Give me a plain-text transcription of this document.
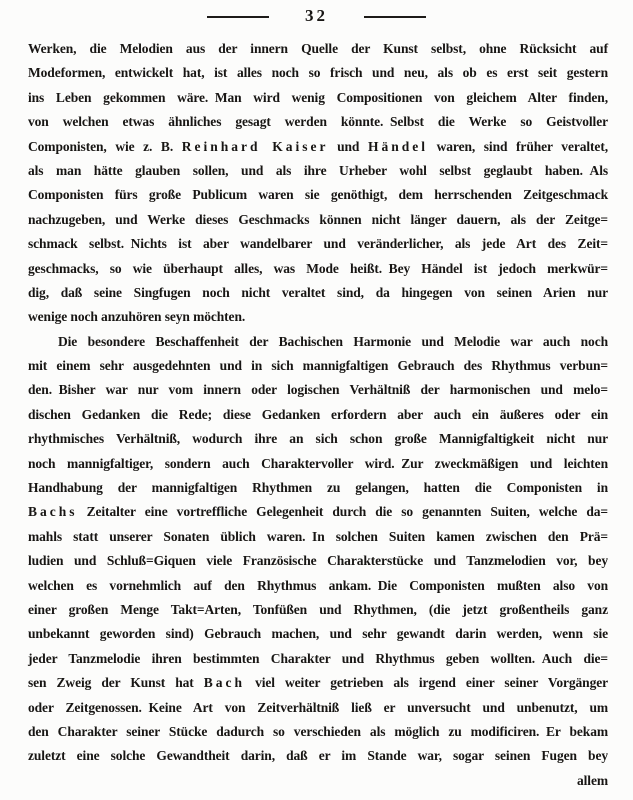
32
Werken, die Melodien aus der innern Quelle der Kunst selbst, ohne Rücksicht auf
Modeformen, entwickelt hat, ist alles noch so frisch und neu, als ob es erst seit gestern
ins Leben gekommen wäre. Man wird wenig Compositionen von gleichem Alter finden,
von welchen etwas ähnliches gesagt werden könnte. Selbst die Werke so Geistvoller
Componisten, wie z. B. Reinhard Kaiser und Händel waren, sind früher veraltet,
als man hätte glauben sollen, und als ihre Urheber wohl selbst geglaubt haben. Als
Componisten fürs große Publicum waren sie genöthigt, dem herrschenden Zeitgeschmack
nachzugeben, und Werke dieses Geschmacks können nicht länger dauern, als der Zeitge=
schmack selbst. Nichts ist aber wandelbarer und veränderlicher, als jede Art des Zeit=
geschmacks, so wie überhaupt alles, was Mode heißt. Bey Händel ist jedoch merkwür=
dig, daß seine Singfugen noch nicht veraltet sind, da hingegen von seinen Arien nur
wenige noch anzuhören seyn möchten.
Die besondere Beschaffenheit der Bachischen Harmonie und Melodie war auch noch
mit einem sehr ausgedehnten und in sich mannigfaltigen Gebrauch des Rhythmus verbun=
den. Bisher war nur vom innern oder logischen Verhältniß der harmonischen und melo=
dischen Gedanken die Rede; diese Gedanken erfordern aber auch ein äußeres oder ein
rhythmisches Verhältniß, wodurch ihre an sich schon große Mannigfaltigkeit nicht nur
noch mannigfaltiger, sondern auch Charaktervoller wird. Zur zweckmäßigen und leichten
Handhabung der mannigfaltigen Rhythmen zu gelangen, hatten die Componisten in
Bachs Zeitalter eine vortreffliche Gelegenheit durch die so genannten Suiten, welche da=
mahls statt unserer Sonaten üblich waren. In solchen Suiten kamen zwischen den Prä=
ludien und Schluß=Giquen viele Französische Charakterstücke und Tanzmelodien vor, bey
welchen es vornehmlich auf den Rhythmus ankam. Die Componisten mußten also von
einer großen Menge Takt=Arten, Tonfüßen und Rhythmen, (die jetzt großentheils ganz
unbekannt geworden sind) Gebrauch machen, und sehr gewandt darin werden, wenn sie
jeder Tanzmelodie ihren bestimmten Charakter und Rhythmus geben wollten. Auch die=
sen Zweig der Kunst hat Bach viel weiter getrieben als irgend einer seiner Vorgänger
oder Zeitgenossen. Keine Art von Zeitverhältniß ließ er unversucht und unbenutzt, um
den Charakter seiner Stücke dadurch so verschieden als möglich zu modificiren. Er bekam
zuletzt eine solche Gewandtheit darin, daß er im Stande war, sogar seinen Fugen bey
allem
